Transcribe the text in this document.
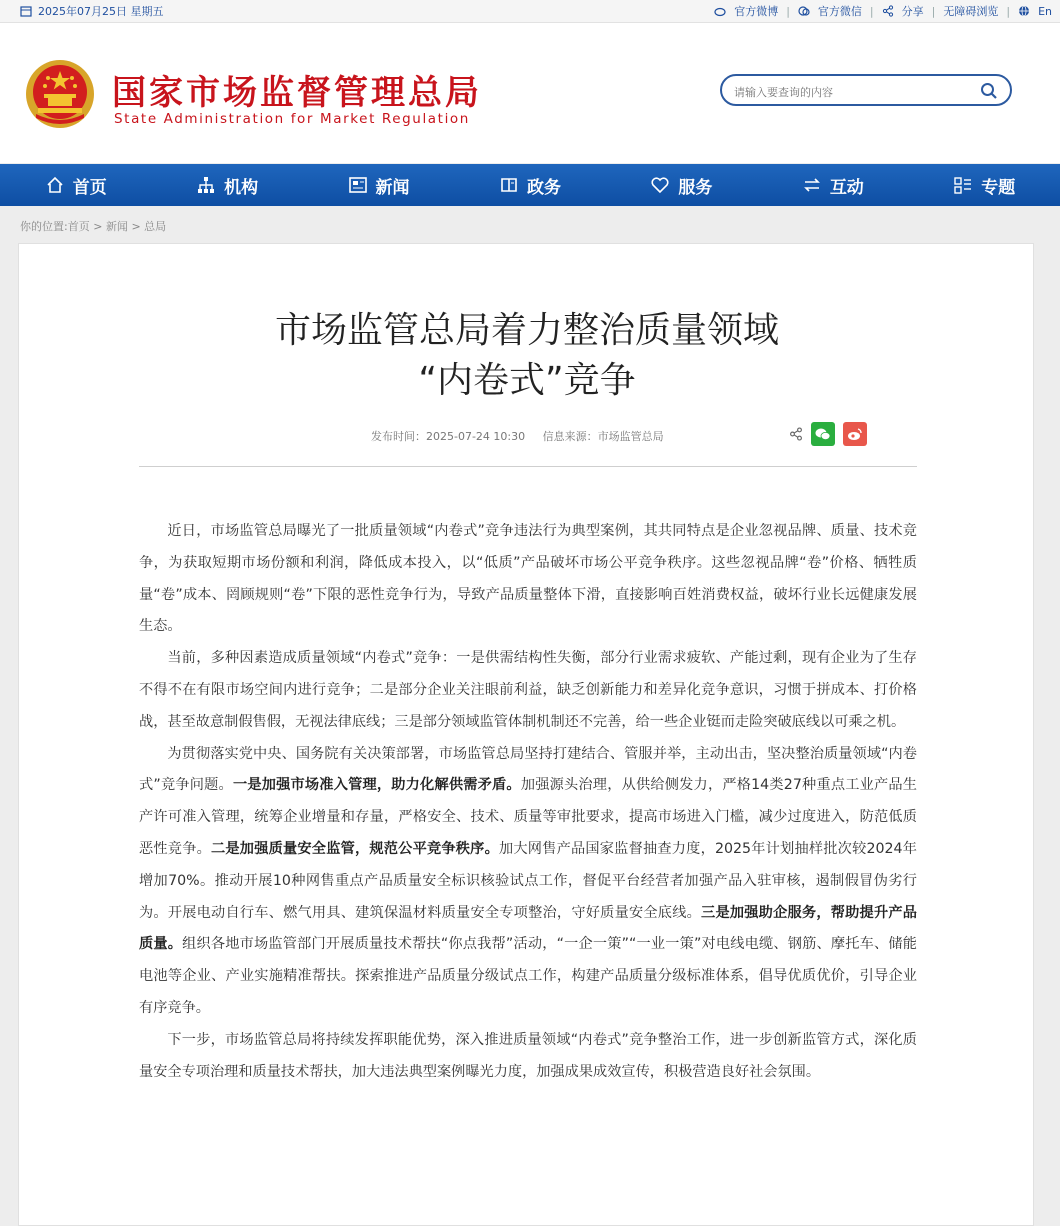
2025年07月25日 星期五	官方微博 |	官方微信 |	分享 | 无障碍浏览 |	En
国家市场监督管理总局
State Administration for Market Regulation
请输入要查询的内容
首页	机构	新闻	政务	服务	互动	专题
你的位置:首页 > 新闻 > 总局
市场监管总局着力整治质量领域
“内卷式”竞争
发布时间：2025-07-24 10:30 信息来源：市场监管总局

近日，市场监管总局曝光了一批质量领域“内卷式”竞争违法行为典型案例，其共同特点是企业忽视品牌、质量、技术竞争，为获取短期市场份额和利润，降低成本投入，以“低质”产品破坏市场公平竞争秩序。这些忽视品牌“卷”价格、牺牲质量“卷”成本、罔顾规则“卷”下限的恶性竞争行为，导致产品质量整体下滑，直接影响百姓消费权益，破坏行业长远健康发展生态。

当前，多种因素造成质量领域“内卷式”竞争：一是供需结构性失衡，部分行业需求疲软、产能过剩，现有企业为了生存不得不在有限市场空间内进行竞争；二是部分企业关注眼前利益，缺乏创新能力和差异化竞争意识，习惯于拼成本、打价格战，甚至故意制假售假，无视法律底线；三是部分领域监管体制机制还不完善，给一些企业铤而走险突破底线以可乘之机。

为贯彻落实党中央、国务院有关决策部署，市场监管总局坚持打建结合、管服并举，主动出击，坚决整治质量领域“内卷式”竞争问题。一是加强市场准入管理，助力化解供需矛盾。加强源头治理，从供给侧发力，严格14类27种重点工业产品生产许可准入管理，统筹企业增量和存量，严格安全、技术、质量等审批要求，提高市场进入门槛，减少过度进入，防范低质恶性竞争。二是加强质量安全监管，规范公平竞争秩序。加大网售产品国家监督抽查力度，2025年计划抽样批次较2024年增加70%。推动开展10种网售重点产品质量安全标识核验试点工作，督促平台经营者加强产品入驻审核，遏制假冒伪劣行为。开展电动自行车、燃气用具、建筑保温材料质量安全专项整治，守好质量安全底线。三是加强助企服务，帮助提升产品质量。组织各地市场监管部门开展质量技术帮扶“你点我帮”活动，“一企一策”“一业一策”对电线电缆、钢筋、摩托车、储能电池等企业、产业实施精准帮扶。探索推进产品质量分级试点工作，构建产品质量分级标准体系，倡导优质优价，引导企业有序竞争。

下一步，市场监管总局将持续发挥职能优势，深入推进质量领域“内卷式”竞争整治工作，进一步创新监管方式，深化质量安全专项治理和质量技术帮扶，加大违法典型案例曝光力度，加强成果成效宣传，积极营造良好社会氛围。
